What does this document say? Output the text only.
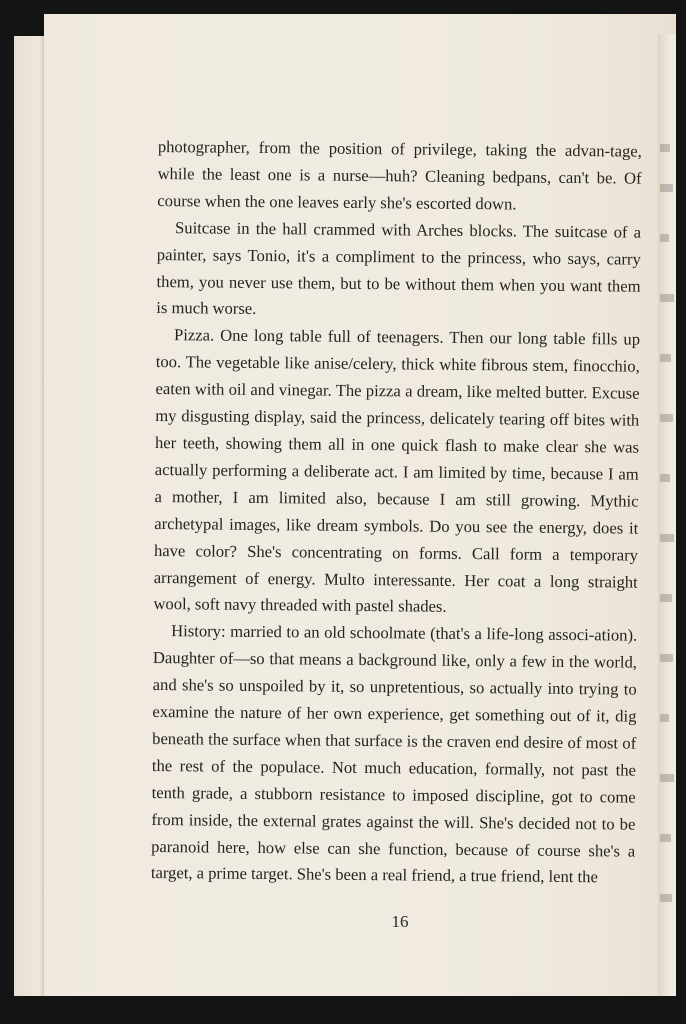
photographer, from the position of privilege, taking the advan-tage, while the least one is a nurse—huh? Cleaning bedpans, can't be. Of course when the one leaves early she's escorted down.

Suitcase in the hall crammed with Arches blocks. The suitcase of a painter, says Tonio, it's a compliment to the princess, who says, carry them, you never use them, but to be without them when you want them is much worse.

Pizza. One long table full of teenagers. Then our long table fills up too. The vegetable like anise/celery, thick white fibrous stem, finocchio, eaten with oil and vinegar. The pizza a dream, like melted butter. Excuse my disgusting display, said the princess, delicately tearing off bites with her teeth, showing them all in one quick flash to make clear she was actually performing a deliberate act. I am limited by time, because I am a mother, I am limited also, because I am still growing. Mythic archetypal images, like dream symbols. Do you see the energy, does it have color? She's concentrating on forms. Call form a temporary arrangement of energy. Multo interessante. Her coat a long straight wool, soft navy threaded with pastel shades.

History: married to an old schoolmate (that's a life-long associ-ation). Daughter of—so that means a background like, only a few in the world, and she's so unspoiled by it, so unpretentious, so actually into trying to examine the nature of her own experience, get something out of it, dig beneath the surface when that surface is the craven end desire of most of the rest of the populace. Not much education, formally, not past the tenth grade, a stubborn resistance to imposed discipline, got to come from inside, the external grates against the will. She's decided not to be paranoid here, how else can she function, because of course she's a target, a prime target. She's been a real friend, a true friend, lent the

16
